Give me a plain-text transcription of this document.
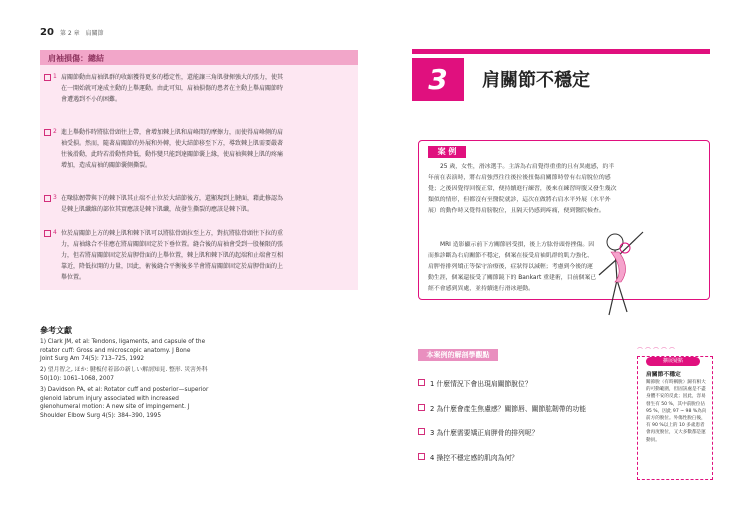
20 第 2 章　肩關節
肩袖損傷：總結
1 肩關節動由肩袖肌群的收縮獲得更多的穩定性，還能讓三角肌發揮強大的張力，使其在一開始就可達成主動的上舉運動。由此可知，肩袖損傷的患者在主動上舉肩關節時會遭遇到不小的困難。
2 進上舉動作時將肱骨頭往上帶，會增加棘上肌和肩峰間的摩擦力，而使得肩峰側的肩袖受損。然而，隨著肩關節的外展和外轉，使大結節移至下方，導致棘上肌需要嚴著往後滑動，此時若滑動性降低，動作變只能到達關節囊上緣，使肩袖與棘上肌的疼痛增加，造成肩袖的關節囊側撕裂。
3 在喙肱韌帶與下的棘下肌其止端不止位於大結節後方，還顯現到上腱面，藉此修認為是棘上肌纖維的部位其實應該是棘下肌纖，故發生撕裂的應該是棘下肌。
4 位於肩關節上方的棘上肌和棘下肌可以將肱骨頭拉至上方，對抗將肱骨頭往下拉的重力，肩袖緣合不佳應在將肩關節固定於下垂位置。縫合後的肩袖會受到一股極限的張力，但若將肩關節固定於肩胛骨面的上舉位置，棘上肌和棘下肌的起端和止端會互相靠近，降低拉開的力量，因此，術後縫合平衡後多半會將肩關節固定於肩胛骨面的上舉位置。
參考文獻
1) Clark JM, et al: Tendons, ligaments, and capsule of the
rotator cuff: Gross and microscopic anatomy. J Bone
Joint Surg Am 74(5): 713–725, 1992
2) 望月智之, ほか: 腱板付着部の新しい解剖知見. 整形. 災害外科
50(10): 1061–1068, 2007
3) Davidson PA, et al: Rotator cuff and posterior—superior
glenoid labrum injury associated with increased
glenohumeral motion: A new site of impingement. J
Shoulder Elbow Surg 4(5): 384–390, 1995
3	肩關節不穩定
案 例
25 歲，女性，滑冰選手。主訴為右肩覺得重重的且有異處感，約半年前在表演時，將右肩強烈往往後拉後扭傷肩關節時曾有右肩脫位的感覺；之後因覺得回復正常，便持續進行練習，後來在練習時腹又發生幾次類似的情形，但都沒有至醫院就診，這次在做將右肩水平外展（水平外展）的動作時又覺得肩膀脫位，且隔天仍感到疼痛，便到醫院檢查。
MRI 造影顯示前下方關節唇受損，後上方肱骨頭骨挫傷。因而推診斷為右肩關節不穩定，個案在接受肩袖肌群的肌力強化、肩胛骨排列矯正等保守治療後，症狀得以減輕；考慮到今後的運動生涯，個案還接受了關節鏡下的 Bankart 重建術，目前個案已經不會感到異處，並持續進行滑冰運動。
本案例的解剖學觀點
1 什麼情況下會出現肩關節脫位？
2 為什麼會產生焦慮感？關節唇、關節肱韌帶的功能
3 為什麼需要矯正肩胛骨的排列呢？
4 操控不穩定感的肌肉為何？
⌒⌒⌒⌒⌒
擴展疑點
肩關節不穩定
關節脫（有時稱脫）歸有相大的可動範圍，但固該處是不盡身體不安的反此；因此，容易發生有 50 %，其中前脫位佔 95 %，因此 97 ~ 98 %為向前方的脫位。外傷性脫臼後，有 90 %以上的 10 多歲患者會再度脫位，又大多數都是運動員。
